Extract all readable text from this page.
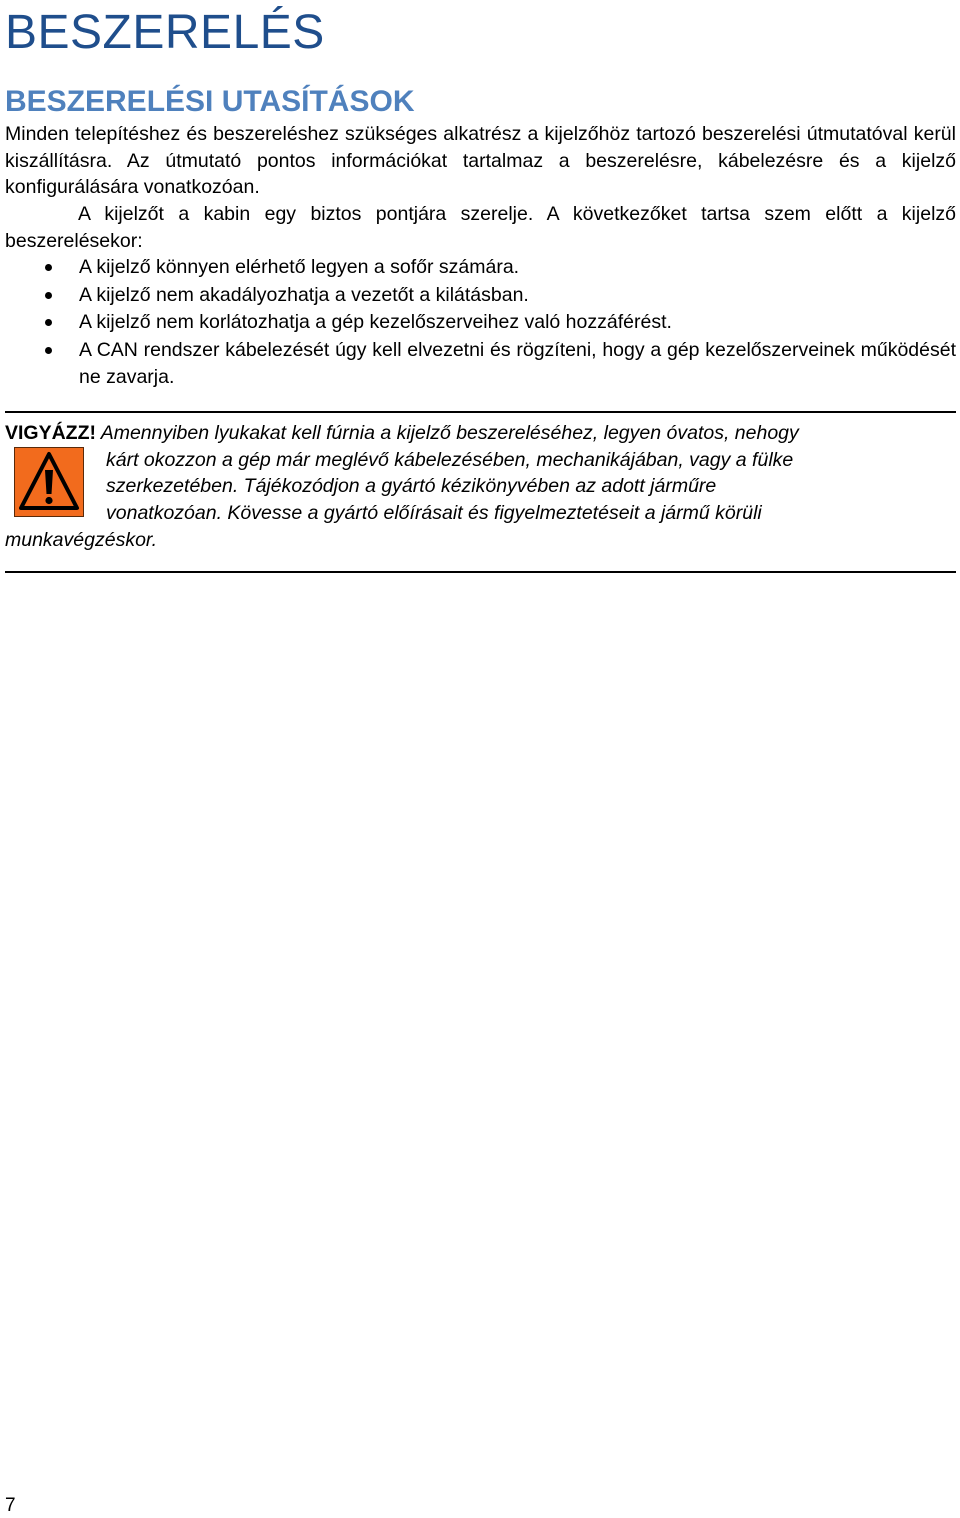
BESZERELÉS
BESZERELÉSI UTASÍTÁSOK

Minden telepítéshez és beszereléshez szükséges alkatrész a kijelzőhöz tartozó beszerelési útmutatóval kerül kiszállításra. Az útmutató pontos információkat tartalmaz a beszerelésre, kábelezésre és a kijelző konfigurálására vonatkozóan.

A kijelzőt a kabin egy biztos pontjára szerelje. A következőket tartsa szem előtt a kijelző beszerelésekor:

A kijelző könnyen elérhető legyen a sofőr számára.
A kijelző nem akadályozhatja a vezetőt a kilátásban.
A kijelző nem korlátozhatja a gép kezelőszerveihez való hozzáférést.
A CAN rendszer kábelezését úgy kell elvezetni és rögzíteni, hogy a gép kezelőszerveinek működését ne zavarja.

VIGYÁZZ! Amennyiben lyukakat kell fúrnia a kijelző beszereléséhez, legyen óvatos, nehogy

kárt okozzon a gép már meglévő kábelezésében, mechanikájában, vagy a fülke

szerkezetében. Tájékozódjon a gyártó kézikönyvében az adott járműre

vonatkozóan. Kövesse a gyártó előírásait és figyelmeztetéseit a jármű körüli

munkavégzéskor.

7
